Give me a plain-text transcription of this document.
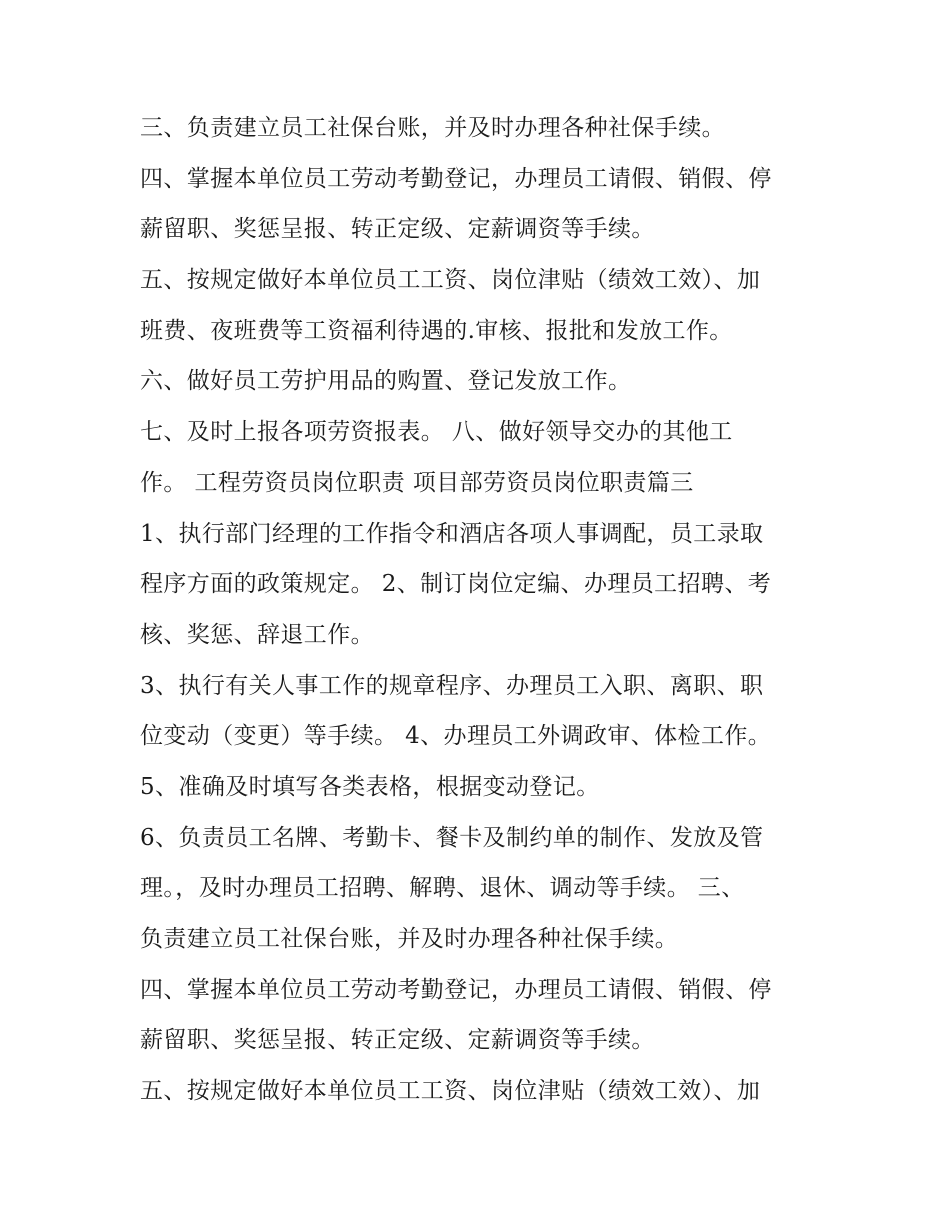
三、负责建立员工社保台账，并及时办理各种社保手续。
四、掌握本单位员工劳动考勤登记，办理员工请假、销假、停
薪留职、奖惩呈报、转正定级、定薪调资等手续。
五、按规定做好本单位员工工资、岗位津贴（绩效工效）、加
班费、夜班费等工资福利待遇的.审核、报批和发放工作。
六、做好员工劳护用品的购置、登记发放工作。
七、及时上报各项劳资报表。 八、做好领导交办的其他工
作。 工程劳资员岗位职责 项目部劳资员岗位职责篇三
1、执行部门经理的工作指令和酒店各项人事调配，员工录取
程序方面的政策规定。 2、制订岗位定编、办理员工招聘、考
核、奖惩、辞退工作。
3、执行有关人事工作的规章程序、办理员工入职、离职、职
位变动（变更）等手续。 4、办理员工外调政审、体检工作。
5、准确及时填写各类表格，根据变动登记。
6、负责员工名牌、考勤卡、餐卡及制约单的制作、发放及管
理。，及时办理员工招聘、解聘、退休、调动等手续。 三、
负责建立员工社保台账，并及时办理各种社保手续。
四、掌握本单位员工劳动考勤登记，办理员工请假、销假、停
薪留职、奖惩呈报、转正定级、定薪调资等手续。
五、按规定做好本单位员工工资、岗位津贴（绩效工效）、加
